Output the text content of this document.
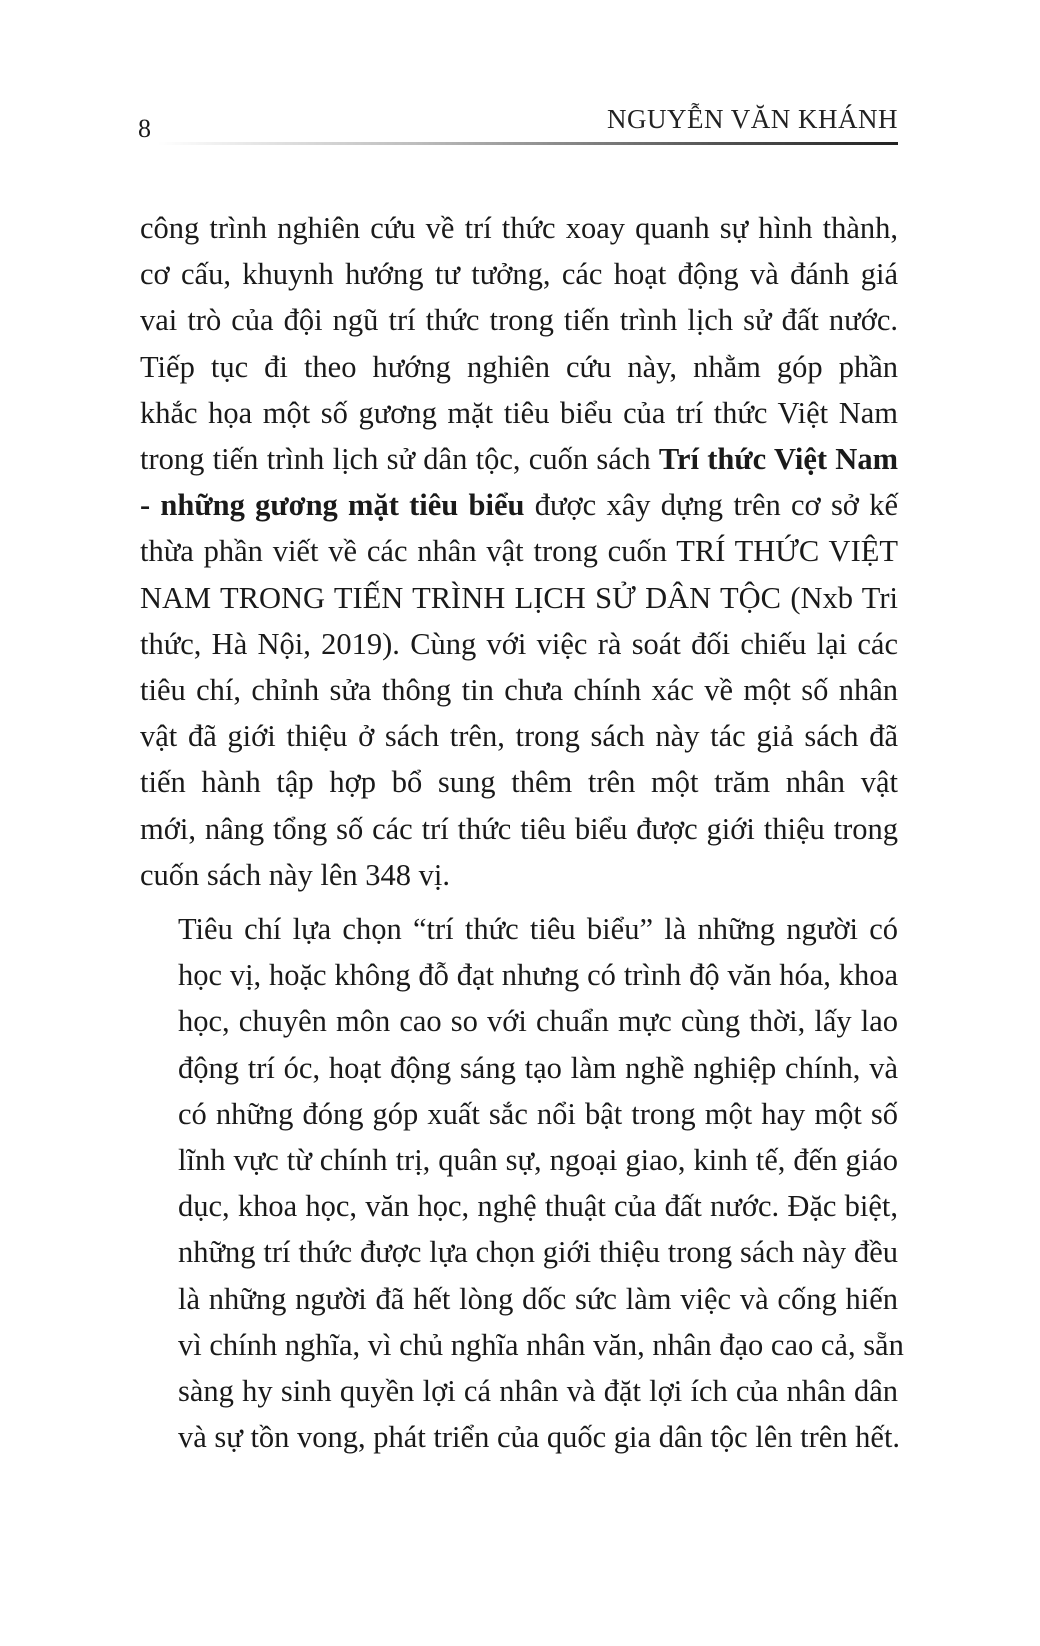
8	NGUYỄN VĂN KHÁNH

công trình nghiên cứu về trí thức xoay quanh sự hình thành,
cơ cấu, khuynh hướng tư tưởng, các hoạt động và đánh giá
vai trò của đội ngũ trí thức trong tiến trình lịch sử đất nước.
Tiếp tục đi theo hướng nghiên cứu này, nhằm góp phần
khắc họa một số gương mặt tiêu biểu của trí thức Việt Nam
trong tiến trình lịch sử dân tộc, cuốn sách Trí thức Việt Nam
- những gương mặt tiêu biểu được xây dựng trên cơ sở kế
thừa phần viết về các nhân vật trong cuốn TRÍ THỨC VIỆT
NAM TRONG TIẾN TRÌNH LỊCH SỬ DÂN TỘC (Nxb Tri
thức, Hà Nội, 2019). Cùng với việc rà soát đối chiếu lại các
tiêu chí, chỉnh sửa thông tin chưa chính xác về một số nhân
vật đã giới thiệu ở sách trên, trong sách này tác giả sách đã
tiến hành tập hợp bổ sung thêm trên một trăm nhân vật
mới, nâng tổng số các trí thức tiêu biểu được giới thiệu trong
cuốn sách này lên 348 vị.

Tiêu chí lựa chọn “trí thức tiêu biểu” là những người có
học vị, hoặc không đỗ đạt nhưng có trình độ văn hóa, khoa
học, chuyên môn cao so với chuẩn mực cùng thời, lấy lao
động trí óc, hoạt động sáng tạo làm nghề nghiệp chính, và
có những đóng góp xuất sắc nổi bật trong một hay một số
lĩnh vực từ chính trị, quân sự, ngoại giao, kinh tế, đến giáo
dục, khoa học, văn học, nghệ thuật của đất nước. Đặc biệt,
những trí thức được lựa chọn giới thiệu trong sách này đều
là những người đã hết lòng dốc sức làm việc và cống hiến
vì chính nghĩa, vì chủ nghĩa nhân văn, nhân đạo cao cả, sẵn
sàng hy sinh quyền lợi cá nhân và đặt lợi ích của nhân dân
và sự tồn vong, phát triển của quốc gia dân tộc lên trên hết.
